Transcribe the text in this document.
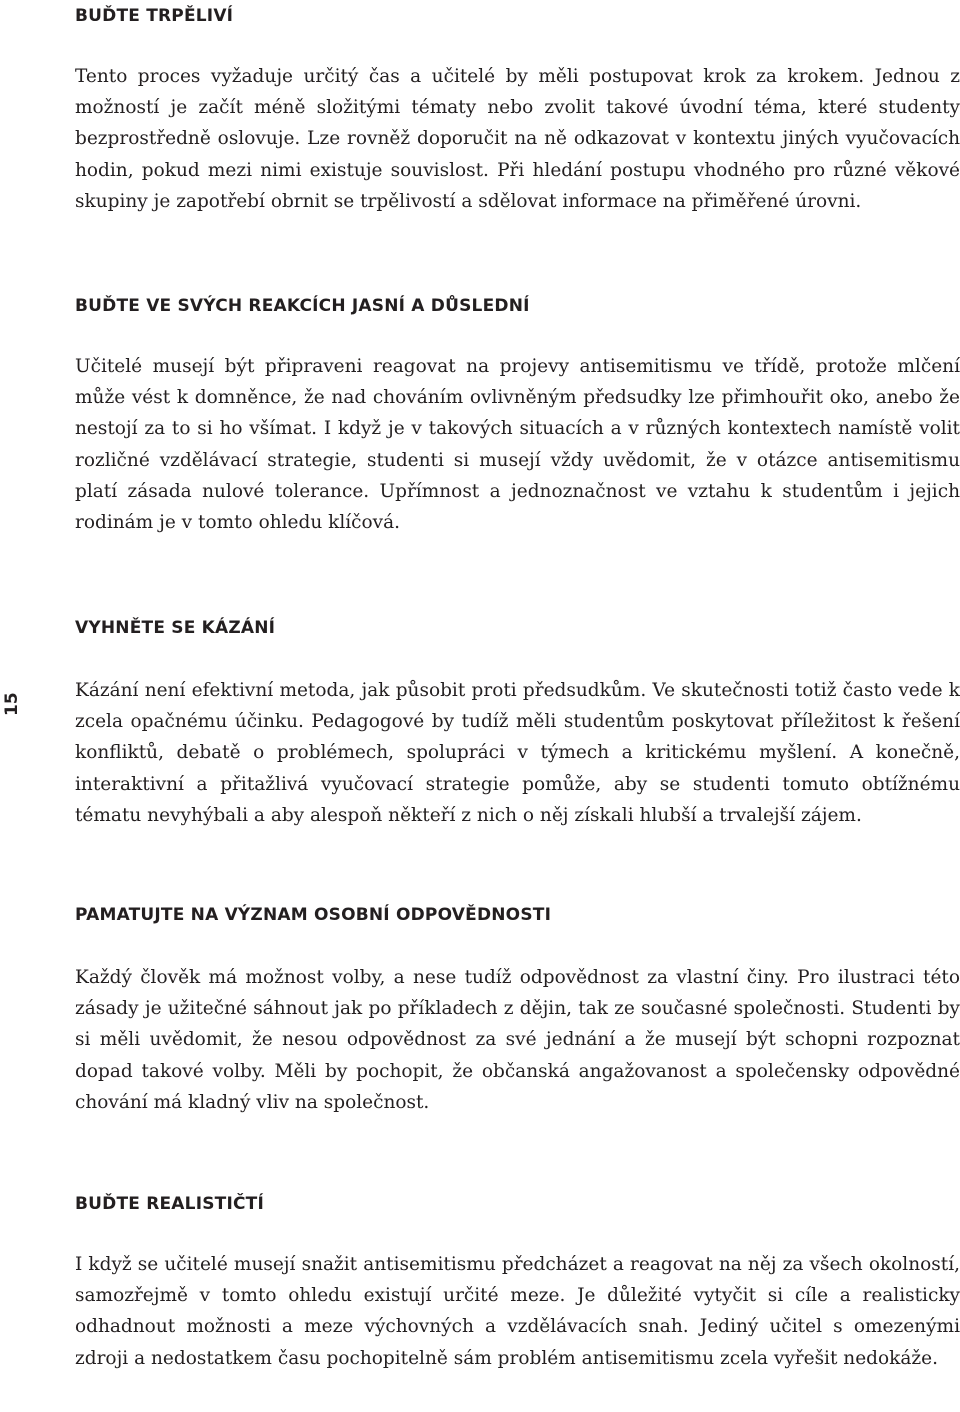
15
BUĎTE TRPĚLIVÍ

Tento proces vyžaduje určitý čas a učitelé by měli postupovat krok za krokem. Jednou z možností je začít méně složitými tématy nebo zvolit takové úvodní téma, které studenty bezprostředně oslovuje. Lze rovněž doporučit na ně odkazovat v kontextu jiných vyučovacích hodin, pokud mezi nimi existuje souvislost. Při hledání postupu vhodného pro různé věkové skupiny je zapotřebí obrnit se trpělivostí a sdělovat informace na přiměřené úrovni.

BUĎTE VE SVÝCH REAKCÍCH JASNÍ A DŮSLEDNÍ

Učitelé musejí být připraveni reagovat na projevy antisemitismu ve třídě, protože mlčení může vést k domněnce, že nad chováním ovlivněným předsudky lze přimhouřit oko, anebo že nestojí za to si ho všímat. I když je v takových situacích a v různých kontextech namístě volit rozličné vzdělávací strategie, studenti si musejí vždy uvědomit, že v otázce antisemitismu platí zásada nulové tolerance. Upřímnost a jednoznačnost ve vztahu k studentům i jejich rodinám je v tomto ohledu klíčová.

VYHNĚTE SE KÁZÁNÍ

Kázání není efektivní metoda, jak působit proti předsudkům. Ve skutečnosti totiž často vede k zcela opačnému účinku. Pedagogové by tudíž měli studentům poskytovat příležitost k řešení konfliktů, debatě o problémech, spolupráci v týmech a kritickému myšlení. A konečně, interaktivní a přitažlivá vyučovací strategie pomůže, aby se studenti tomuto obtížnému tématu nevyhýbali a aby alespoň někteří z nich o něj získali hlubší a trvalejší zájem.

PAMATUJTE NA VÝZNAM OSOBNÍ ODPOVĚDNOSTI

Každý člověk má možnost volby, a nese tudíž odpovědnost za vlastní činy. Pro ilustraci této zásady je užitečné sáhnout jak po příkladech z dějin, tak ze současné společnosti. Studenti by si měli uvědomit, že nesou odpovědnost za své jednání a že musejí být schopni rozpoznat dopad takové volby. Měli by pochopit, že občanská angažovanost a společensky odpovědné chování má kladný vliv na společnost.

BUĎTE REALISTIČTÍ

I když se učitelé musejí snažit antisemitismu předcházet a reagovat na něj za všech okolností, samozřejmě v tomto ohledu existují určité meze. Je důležité vytyčit si cíle a realisticky odhadnout možnosti a meze výchovných a vzdělávacích snah. Jediný učitel s omezenými zdroji a nedostatkem času pochopitelně sám problém antisemitismu zcela vyřešit nedokáže.
